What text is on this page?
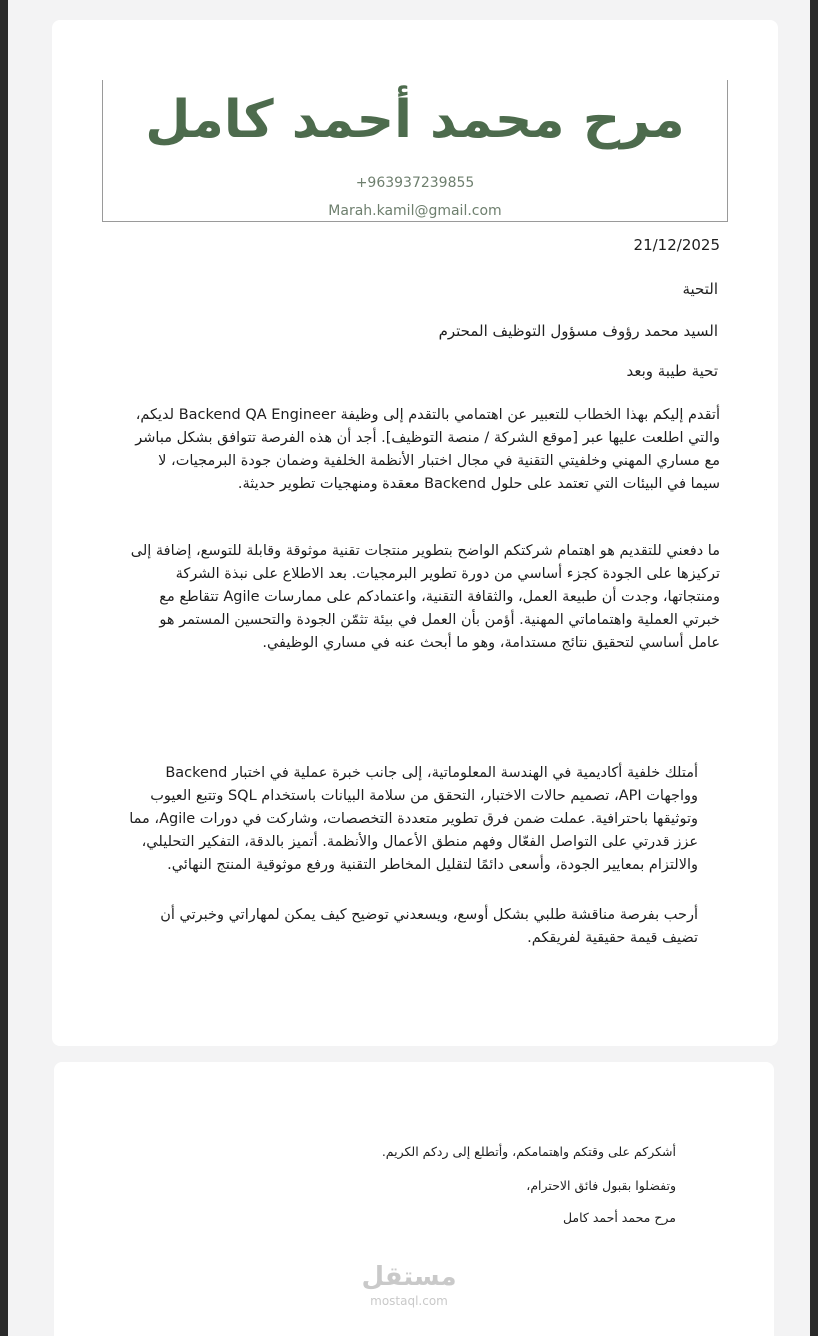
مرح محمد أحمد كامل
+963937239855
Marah.kamil@gmail.com
21/12/2025
التحية
السيد محمد رؤوف مسؤول التوظيف المحترم
تحية طيبة وبعد

أتقدم إليكم بهذا الخطاب للتعبير عن اهتمامي بالتقدم إلى وظيفة Backend QA Engineer لديكم، والتي اطلعت عليها عبر [موقع الشركة / منصة التوظيف]. أجد أن هذه الفرصة تتوافق بشكل مباشر مع مساري المهني وخلفيتي التقنية في مجال اختبار الأنظمة الخلفية وضمان جودة البرمجيات، لا سيما في البيئات التي تعتمد على حلول Backend معقدة ومنهجيات تطوير حديثة.

ما دفعني للتقديم هو اهتمام شركتكم الواضح بتطوير منتجات تقنية موثوقة وقابلة للتوسع، إضافة إلى تركيزها على الجودة كجزء أساسي من دورة تطوير البرمجيات. بعد الاطلاع على نبذة الشركة ومنتجاتها، وجدت أن طبيعة العمل، والثقافة التقنية، واعتمادكم على ممارسات Agile تتقاطع مع خبرتي العملية واهتماماتي المهنية. أؤمن بأن العمل في بيئة تثمّن الجودة والتحسين المستمر هو عامل أساسي لتحقيق نتائج مستدامة، وهو ما أبحث عنه في مساري الوظيفي.

أمتلك خلفية أكاديمية في الهندسة المعلوماتية، إلى جانب خبرة عملية في اختبار Backend وواجهات API، تصميم حالات الاختبار، التحقق من سلامة البيانات باستخدام SQL وتتبع العيوب وتوثيقها باحترافية. عملت ضمن فرق تطوير متعددة التخصصات، وشاركت في دورات Agile، مما عزز قدرتي على التواصل الفعّال وفهم منطق الأعمال والأنظمة. أتميز بالدقة، التفكير التحليلي، والالتزام بمعايير الجودة، وأسعى دائمًا لتقليل المخاطر التقنية ورفع موثوقية المنتج النهائي.

أرحب بفرصة مناقشة طلبي بشكل أوسع، ويسعدني توضيح كيف يمكن لمهاراتي وخبرتي أن تضيف قيمة حقيقية لفريقكم.

أشكركم على وقتكم واهتمامكم، وأتطلع إلى ردكم الكريم.

وتفضلوا بقبول فائق الاحترام،

مرح محمد أحمد كامل

مستقل
mostaql.com
